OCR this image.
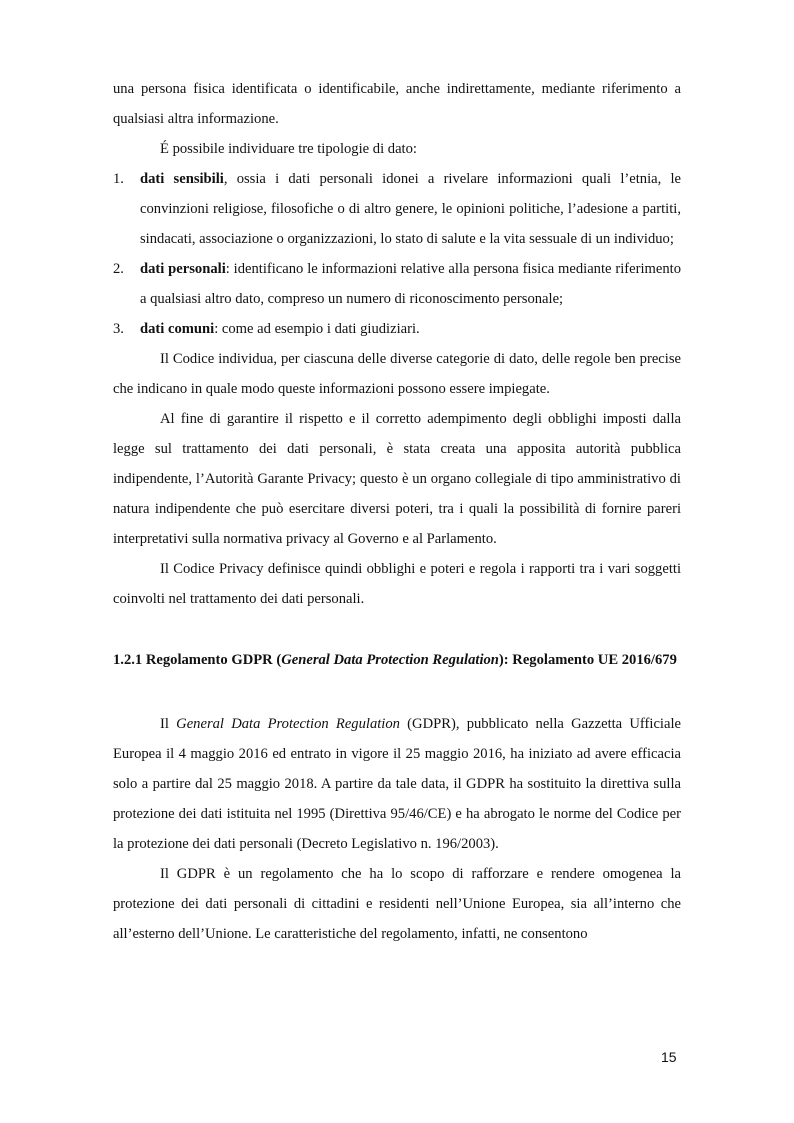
una persona fisica identificata o identificabile, anche indirettamente, mediante riferimento a qualsiasi altra informazione.

É possibile individuare tre tipologie di dato:

1. dati sensibili, ossia i dati personali idonei a rivelare informazioni quali l’etnia, le convinzioni religiose, filosofiche o di altro genere, le opinioni politiche, l’adesione a partiti, sindacati, associazione o organizzazioni, lo stato di salute e la vita sessuale di un individuo;
2. dati personali: identificano le informazioni relative alla persona fisica mediante riferimento a qualsiasi altro dato, compreso un numero di riconoscimento personale;
3. dati comuni: come ad esempio i dati giudiziari.

Il Codice individua, per ciascuna delle diverse categorie di dato, delle regole ben precise che indicano in quale modo queste informazioni possono essere impiegate.

Al fine di garantire il rispetto e il corretto adempimento degli obblighi imposti dalla legge sul trattamento dei dati personali, è stata creata una apposita autorità pubblica indipendente, l’Autorità Garante Privacy; questo è un organo collegiale di tipo amministrativo di natura indipendente che può esercitare diversi poteri, tra i quali la possibilità di fornire pareri interpretativi sulla normativa privacy al Governo e al Parlamento.

Il Codice Privacy definisce quindi obblighi e poteri e regola i rapporti tra i vari soggetti coinvolti nel trattamento dei dati personali.

1.2.1 Regolamento GDPR (General Data Protection Regulation): Regolamento UE 2016/679

Il General Data Protection Regulation (GDPR), pubblicato nella Gazzetta Ufficiale Europea il 4 maggio 2016 ed entrato in vigore il 25 maggio 2016, ha iniziato ad avere efficacia solo a partire dal 25 maggio 2018. A partire da tale data, il GDPR ha sostituito la direttiva sulla protezione dei dati istituita nel 1995 (Direttiva 95/46/CE) e ha abrogato le norme del Codice per la protezione dei dati personali (Decreto Legislativo n. 196/2003).

Il GDPR è un regolamento che ha lo scopo di rafforzare e rendere omogenea la protezione dei dati personali di cittadini e residenti nell’Unione Europea, sia all’interno che all’esterno dell’Unione. Le caratteristiche del regolamento, infatti, ne consentono

15
